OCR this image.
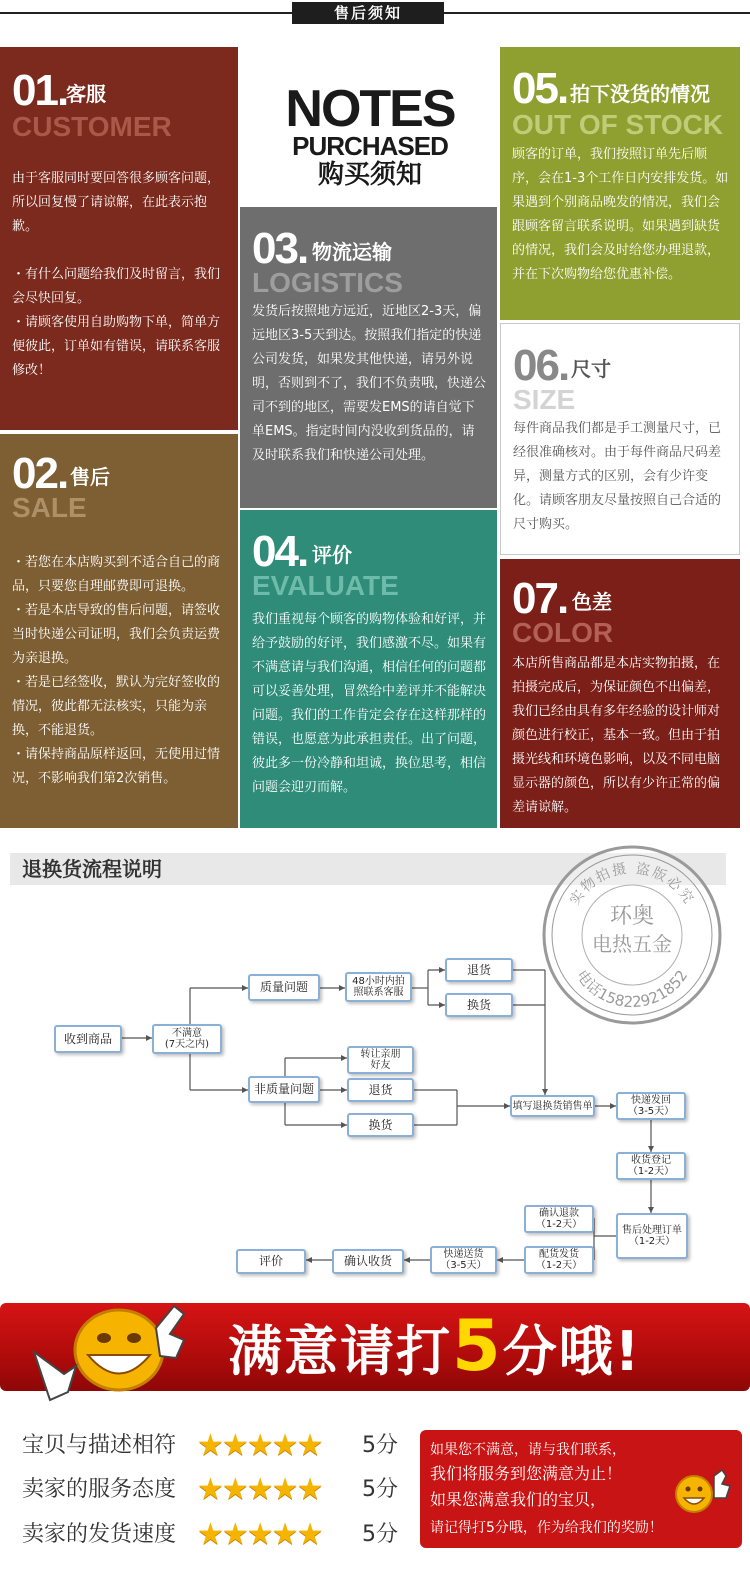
售后须知
01.
客服
CUSTOMER

由于客服同时要回答很多顾客问题，所以回复慢了请谅解，在此表示抱歉。

・有什么问题给我们及时留言，我们会尽快回复。

・请顾客使用自助购物下单，简单方便彼此，订单如有错误，请联系客服修改！

02. 售后
SALE

・若您在本店购买到不适合自己的商品，只要您自理邮费即可退换。

・若是本店导致的售后问题，请签收当时快递公司证明，我们会负责运费为亲退换。

・若是已经签收，默认为完好签收的情况，彼此都无法核实，只能为亲换，不能退货。

・请保持商品原样返回，无使用过情况，不影响我们第2次销售。

NOTES
PURCHASED
购买须知
03. 物流运输
LOGISTICS

发货后按照地方远近，近地区2-3天，偏远地区3-5天到达。按照我们指定的快递公司发货，如果发其他快递，请另外说明，否则到不了，我们不负责哦，快递公司不到的地区，需要发EMS的请自觉下单EMS。指定时间内没收到货品的，请及时联系我们和快递公司处理。

04. 评价
EVALUATE

我们重视每个顾客的购物体验和好评，并给予鼓励的好评，我们感激不尽。如果有不满意请与我们沟通，相信任何的问题都可以妥善处理，冒然给中差评并不能解决问题。我们的工作肯定会存在这样那样的错误，也愿意为此承担责任。出了问题，彼此多一份冷静和坦诚，换位思考，相信问题会迎刃而解。

05. 拍下没货的情况
OUT OF STOCK

顾客的订单，我们按照订单先后顺序，会在1-3个工作日内安排发货。如果遇到个别商品晚发的情况，我们会跟顾客留言联系说明。如果遇到缺货的情况，我们会及时给您办理退款，并在下次购物给您优惠补偿。

06. 尺寸
SIZE

每件商品我们都是手工测量尺寸，已经很准确核对。由于每件商品尺码差异，测量方式的区别，会有少许变化。请顾客朋友尽量按照自己合适的尺寸购买。

07. 色差
COLOR

本店所售商品都是本店实物拍摄，在拍摄完成后，为保证颜色不出偏差，我们已经由具有多年经验的设计师对颜色进行校正，基本一致。但由于拍摄光线和环境色影响，以及不同电脑显示器的颜色，所以有少许正常的偏差请谅解。

退换货流程说明
收到商品	不满意
(7天之内)
质量问题
非质量问题
48小时内拍
照联系客服
退货
换货
转让亲朋
好友
退货
换货
填写退换货销售单	快递发回
（3-5天）
收货登记
（1-2天）
售后处理订单
（1-2天）
确认退款
（1-2天）
配货发货
（1-2天）
快递送货
（3-5天）
确认收货
评价
实物拍摄 盗版必究
环奥
电热五金
电话15822921852
满意请打5分哦!
宝贝与描述相符 ★★★★★ 5分
卖家的服务态度 ★★★★★ 5分
卖家的发货速度 ★★★★★ 5分
如果您不满意，请与我们联系，
我们将服务到您满意为止！
如果您满意我们的宝贝，
请记得打5分哦，作为给我们的奖励！
